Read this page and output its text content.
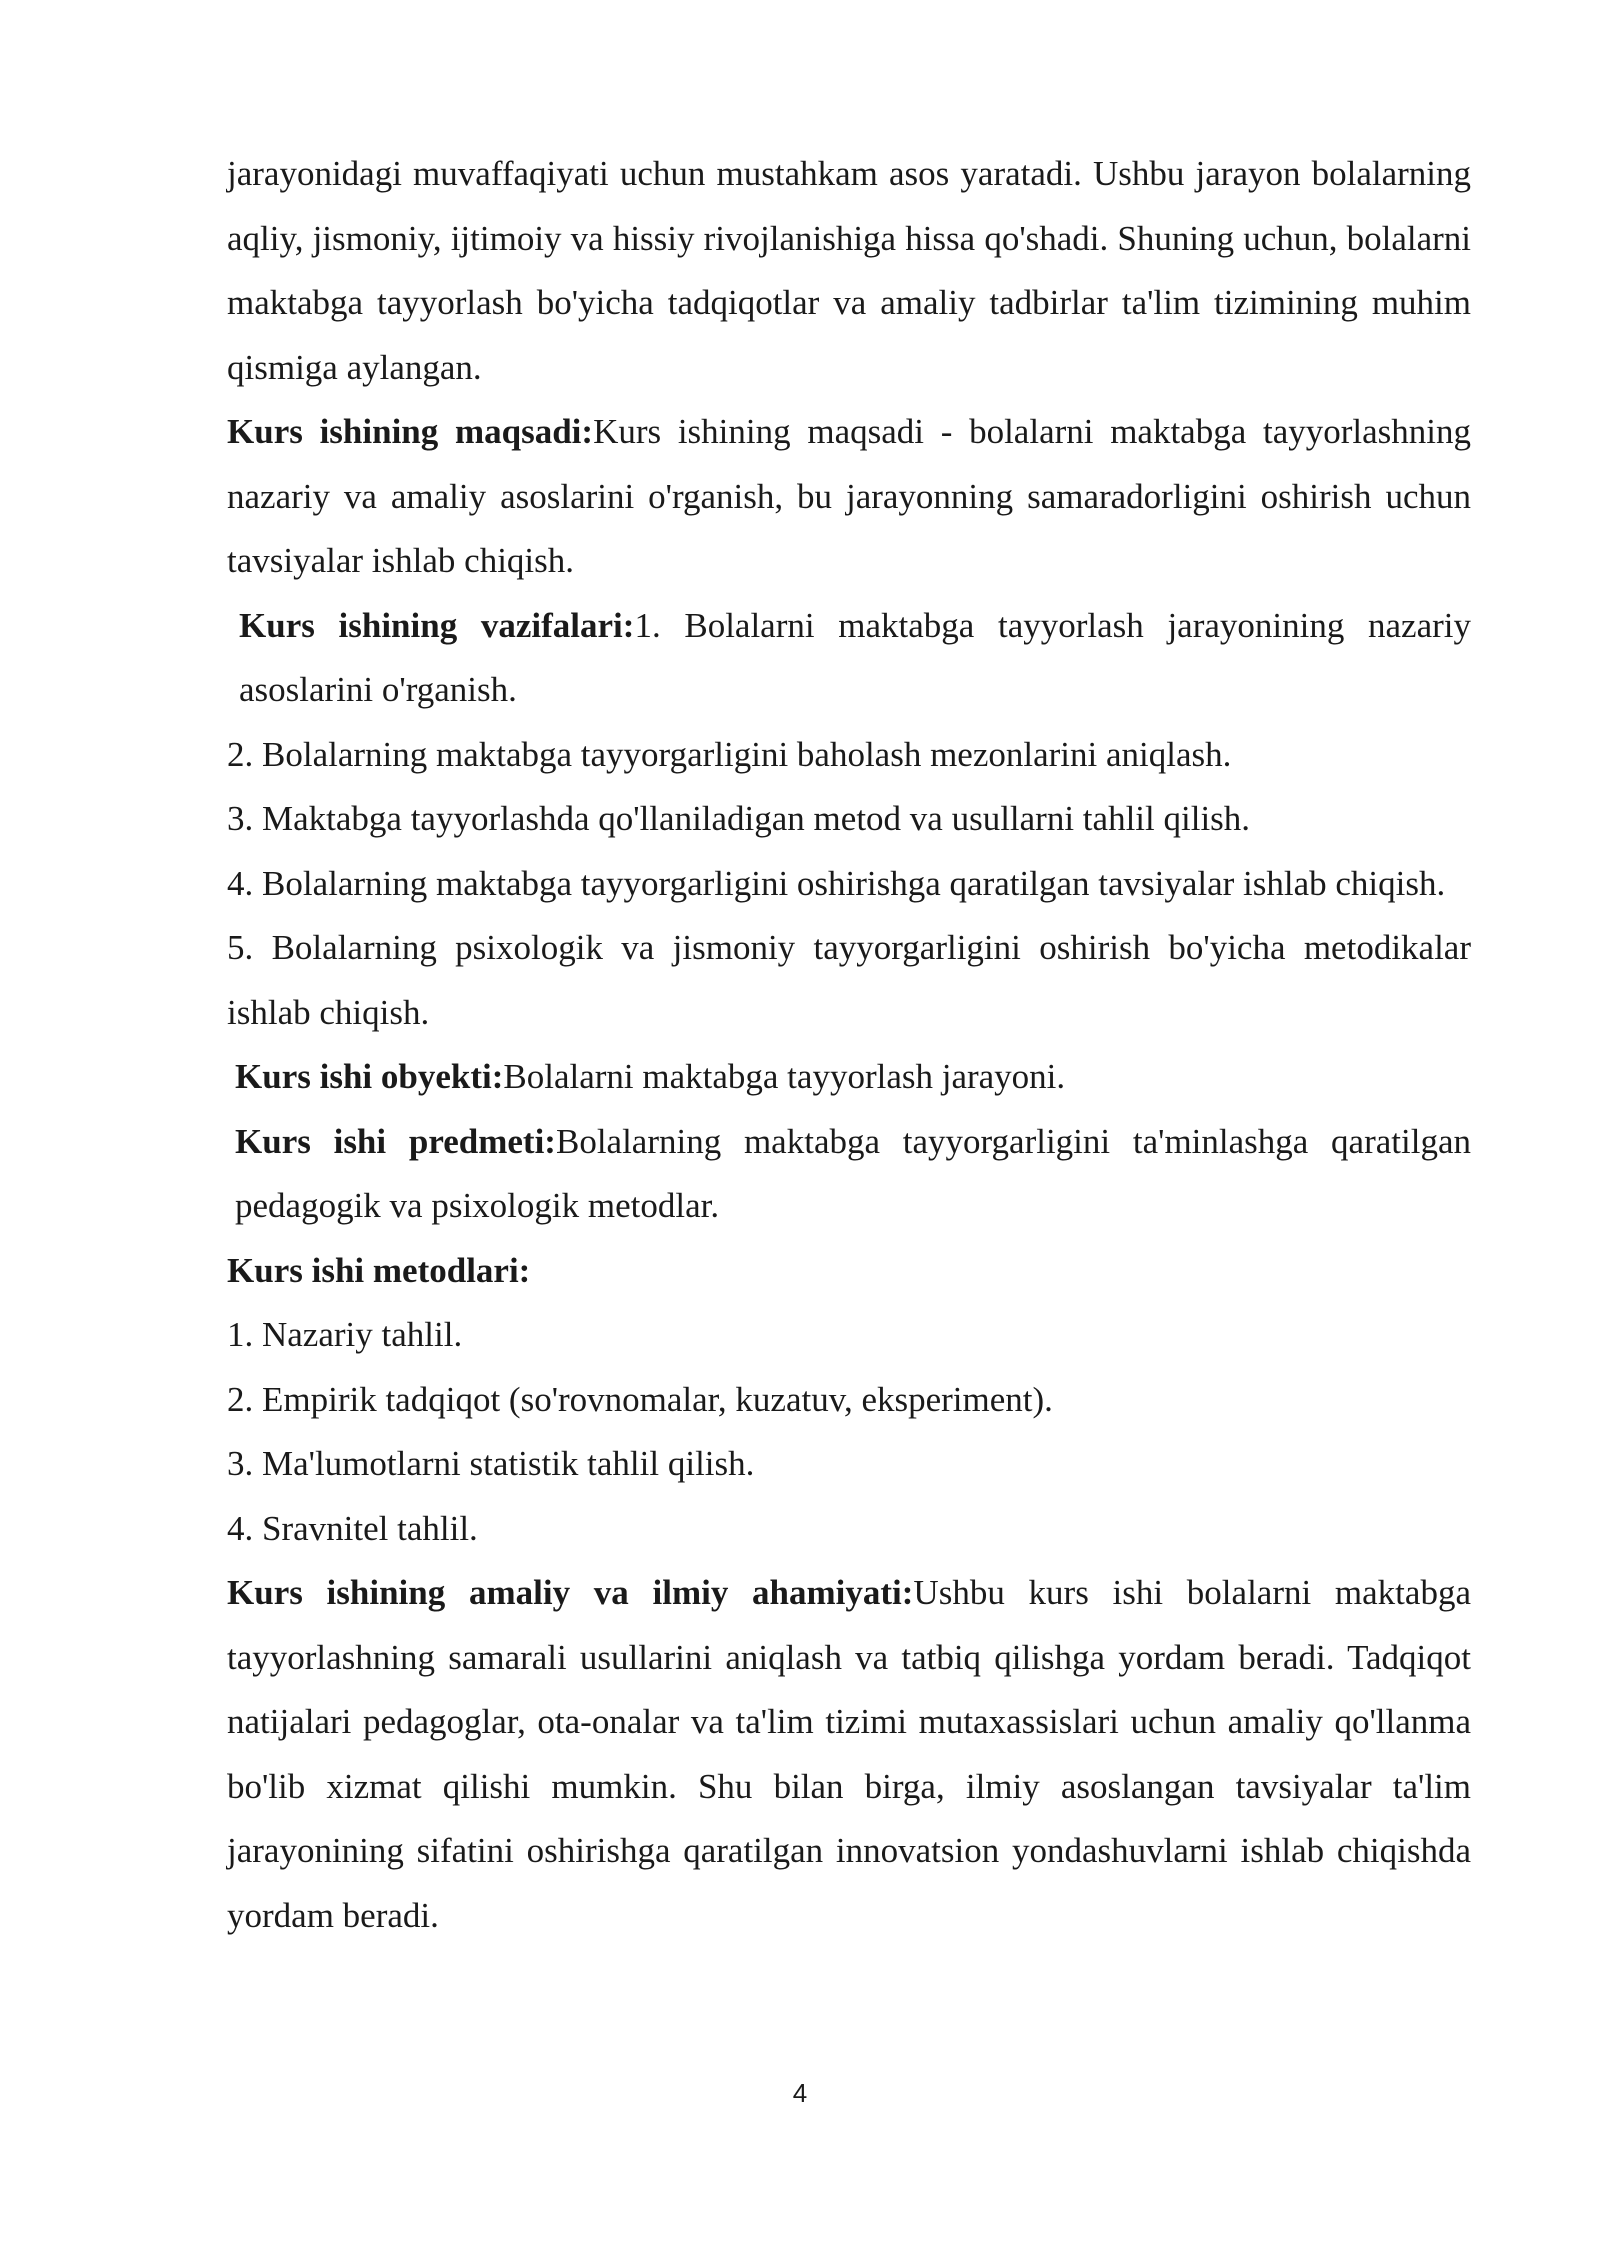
jarayonidagi muvaffaqiyati uchun mustahkam asos yaratadi. Ushbu jarayon bolalarning aqliy, jismoniy, ijtimoiy va hissiy rivojlanishiga hissa qo'shadi. Shuning uchun, bolalarni maktabga tayyorlash bo'yicha tadqiqotlar va amaliy tadbirlar ta'lim tizimining muhim qismiga aylangan.

Kurs ishining maqsadi:Kurs ishining maqsadi - bolalarni maktabga tayyorlashning nazariy va amaliy asoslarini o'rganish, bu jarayonning samaradorligini oshirish uchun tavsiyalar ishlab chiqish.

Kurs ishining vazifalari:1. Bolalarni maktabga tayyorlash jarayonining nazariy asoslarini o'rganish.

2. Bolalarning maktabga tayyorgarligini baholash mezonlarini aniqlash.

3. Maktabga tayyorlashda qo'llaniladigan metod va usullarni tahlil qilish.

4. Bolalarning maktabga tayyorgarligini oshirishga qaratilgan tavsiyalar ishlab chiqish.

5. Bolalarning psixologik va jismoniy tayyorgarligini oshirish bo'yicha metodikalar ishlab chiqish.

Kurs ishi obyekti:Bolalarni maktabga tayyorlash jarayoni.

Kurs ishi predmeti:Bolalarning maktabga tayyorgarligini ta'minlashga qaratilgan pedagogik va psixologik metodlar.

Kurs ishi metodlari:

1. Nazariy tahlil.

2. Empirik tadqiqot (so'rovnomalar, kuzatuv, eksperiment).

3. Ma'lumotlarni statistik tahlil qilish.

4. Sravnitel tahlil.

Kurs ishining amaliy va ilmiy ahamiyati:Ushbu kurs ishi bolalarni maktabga tayyorlashning samarali usullarini aniqlash va tatbiq qilishga yordam beradi. Tadqiqot natijalari pedagoglar, ota-onalar va ta'lim tizimi mutaxassislari uchun amaliy qo'llanma bo'lib xizmat qilishi mumkin. Shu bilan birga, ilmiy asoslangan tavsiyalar ta'lim jarayonining sifatini oshirishga qaratilgan innovatsion yondashuvlarni ishlab chiqishda yordam beradi.

4
